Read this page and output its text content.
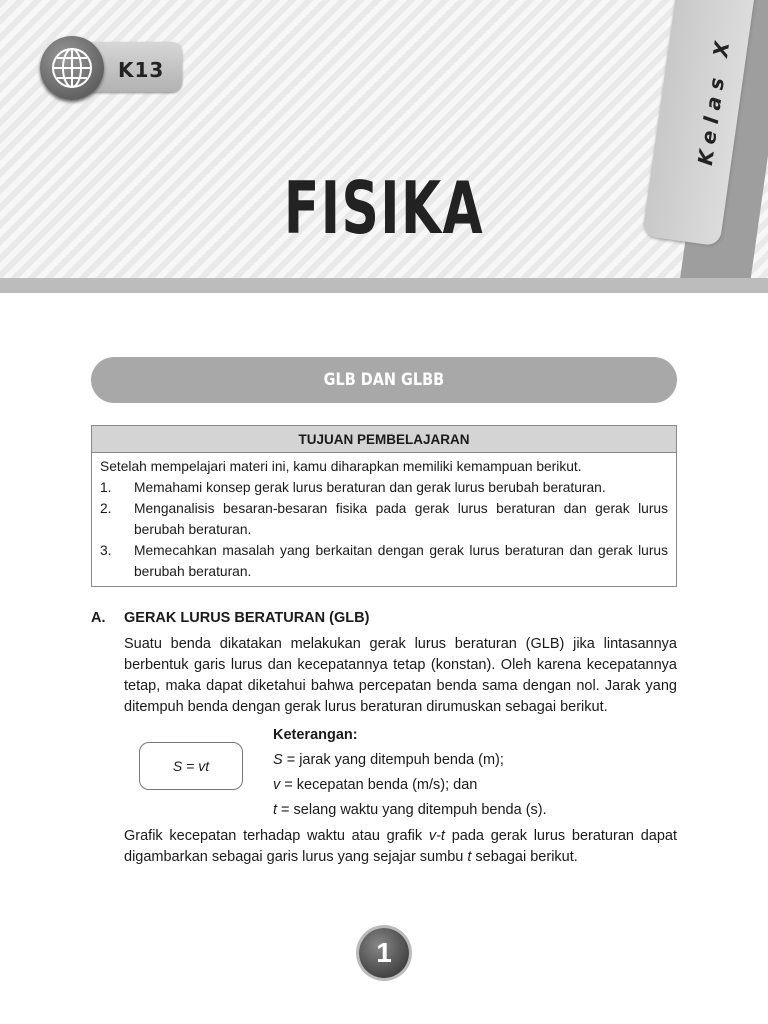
Kelas X
K13
FISIKA
GLB DAN GLBB
TUJUAN PEMBELAJARAN
Setelah mempelajari materi ini, kamu diharapkan memiliki kemampuan berikut.
1.	Memahami konsep gerak lurus beraturan dan gerak lurus berubah beraturan.
2.	Menganalisis besaran-besaran fisika pada gerak lurus beraturan dan gerak lurus berubah beraturan.
3.	Memecahkan masalah yang berkaitan dengan gerak lurus beraturan dan gerak lurus berubah beraturan.
A. GERAK LURUS BERATURAN (GLB)
Suatu benda dikatakan melakukan gerak lurus beraturan (GLB) jika lintasannya berbentuk garis lurus dan kecepatannya tetap (konstan). Oleh karena kecepatannya tetap, maka dapat diketahui bahwa percepatan benda sama dengan nol. Jarak yang ditempuh benda dengan gerak lurus beraturan dirumuskan sebagai berikut.
S = vt
Keterangan:
S = jarak yang ditempuh benda (m);
v = kecepatan benda (m/s); dan
t = selang waktu yang ditempuh benda (s).
Grafik kecepatan terhadap waktu atau grafik v-t pada gerak lurus beraturan dapat digambarkan sebagai garis lurus yang sejajar sumbu t sebagai berikut.
1
